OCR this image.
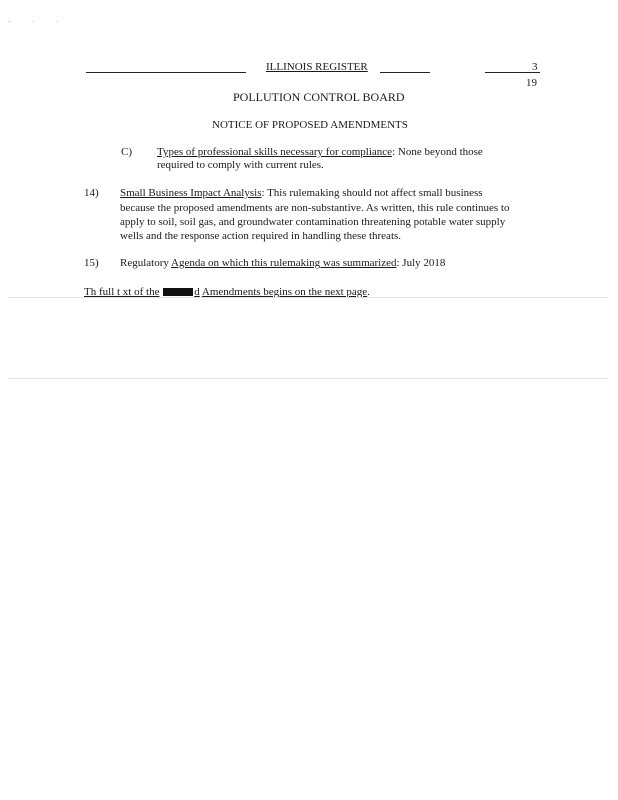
· · ·
ILLINOIS REGISTER	3
19
POLLUTION CONTROL BOARD
NOTICE OF PROPOSED AMENDMENTS
C) Types of professional skills necessary for compliance: None beyond those
required to comply with current rules.
14) Small Business Impact Analysis: This rulemaking should not affect small business
because the proposed amendments are non-substantive. As written, this rule continues to
apply to soil, soil gas, and groundwater contamination threatening potable water supply
wells and the response action required in handling these threats.
15) Regulatory Agenda on which this rulemaking was summarized: July 2018
Th full t xt of the	d Amendments begins on the next page.
